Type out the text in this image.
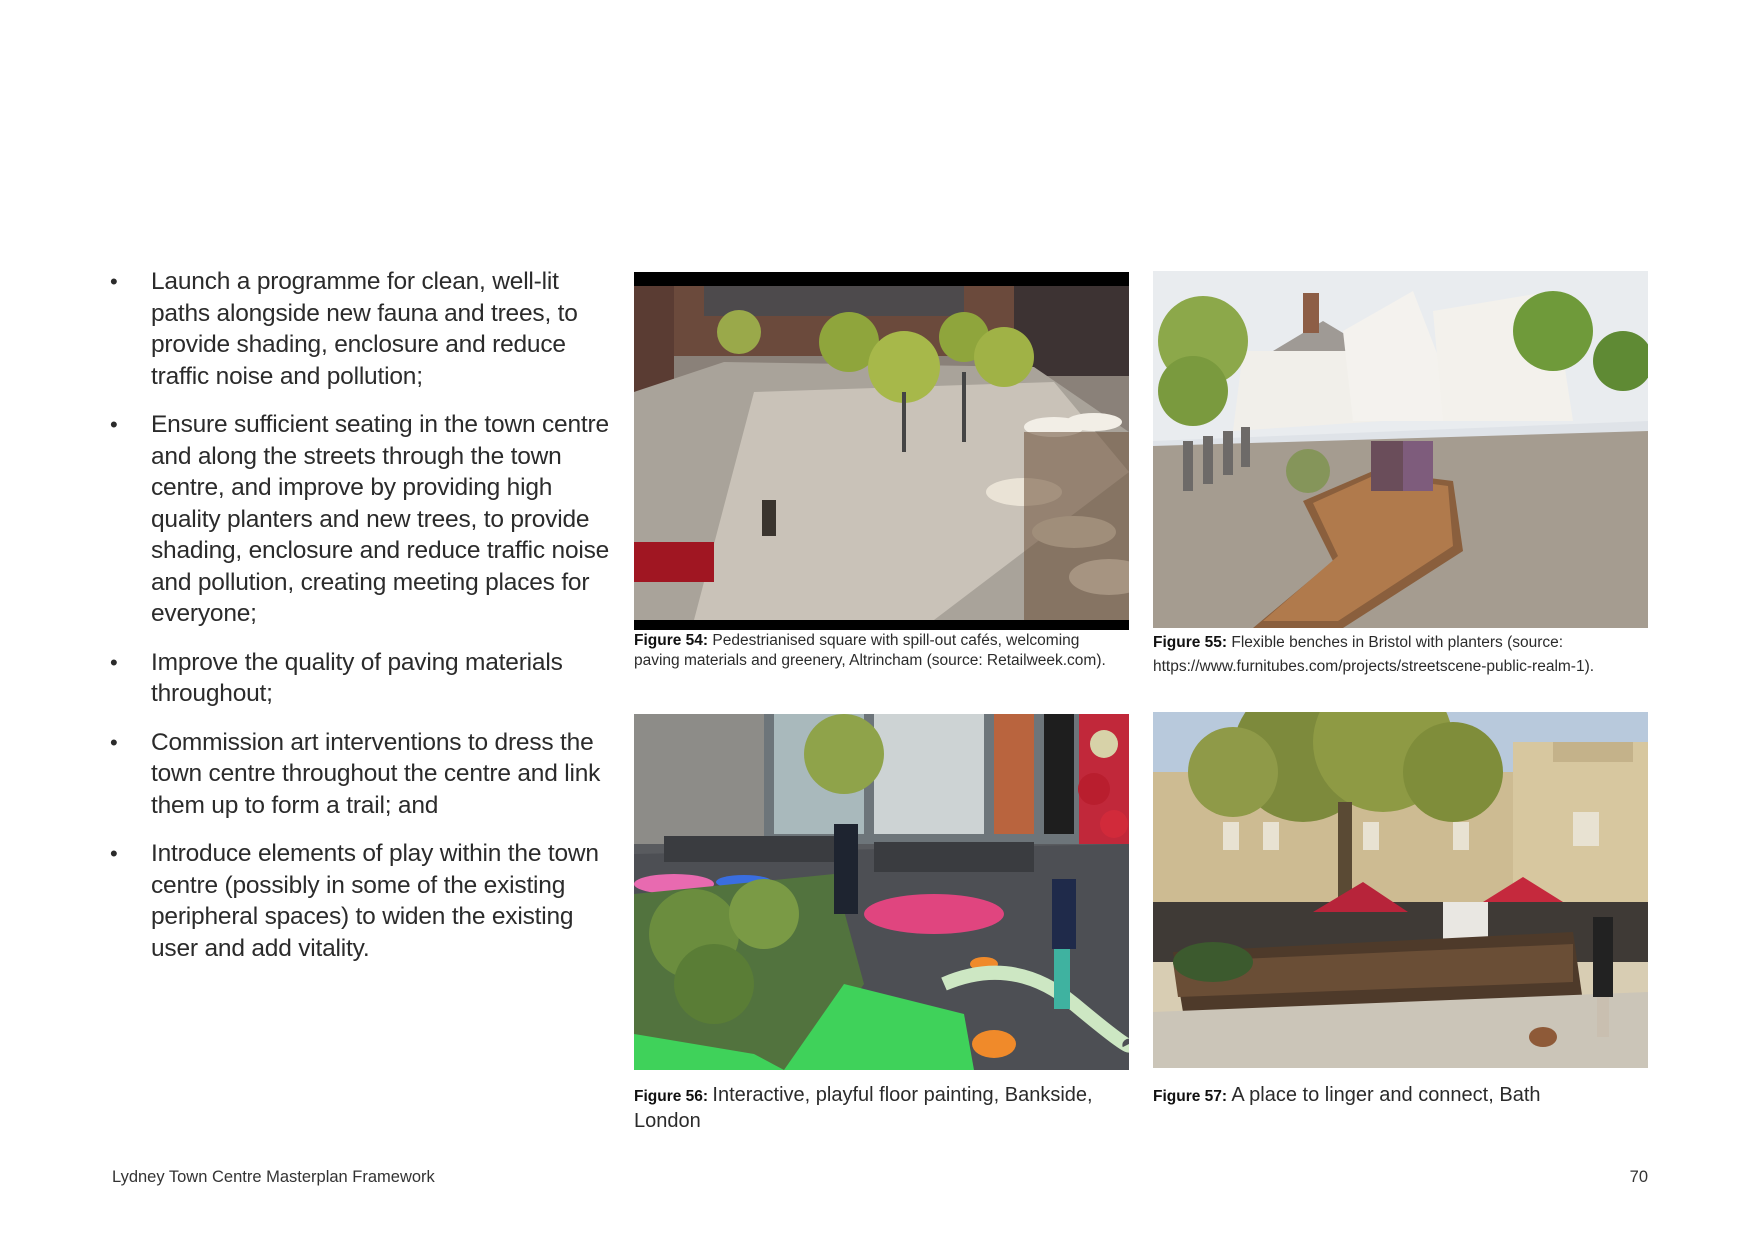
• Launch a programme for clean, well-lit paths alongside new fauna and trees, to provide shading, enclosure and reduce traffic noise and pollution;
• Ensure sufficient seating in the town centre and along the streets through the town centre, and improve by providing high quality planters and new trees, to provide shading, enclosure and reduce traffic noise and pollution, creating meeting places for everyone;
• Improve the quality of paving materials throughout;
• Commission art interventions to dress the town centre throughout the centre and link them up to form a trail; and
• Introduce elements of play within the town centre (possibly in some of the existing peripheral spaces) to widen the existing user and add vitality.
Figure 54: Pedestrianised square with spill-out cafés, welcoming paving materials and greenery, Altrincham (source: Retailweek.com).
Figure 55: Flexible benches in Bristol with planters (source: https://www.furnitubes.com/projects/streetscene-public-realm-1).
Figure 56: Interactive, playful floor painting, Bankside, London
Figure 57: A place to linger and connect, Bath
Lydney Town Centre Masterplan Framework	70
